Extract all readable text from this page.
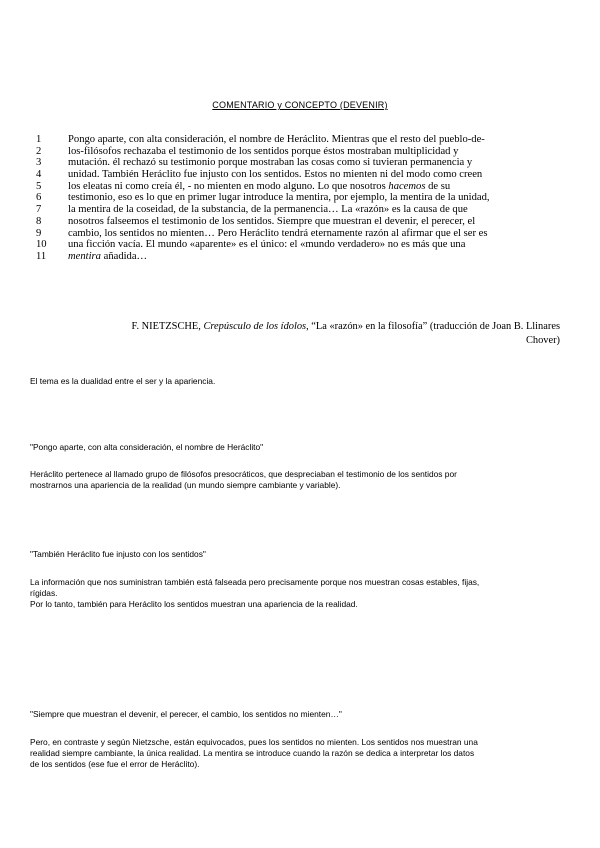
COMENTARIO y CONCEPTO (DEVENIR)
1	Pongo aparte, con alta consideración, el nombre de Heráclito. Mientras que el resto del pueblo-de-
2	los-filósofos rechazaba el testimonio de los sentidos porque éstos mostraban multiplicidad y
3	mutación. él rechazó su testimonio porque mostraban las cosas como si tuvieran permanencia y
4	unidad. También Heráclito fue injusto con los sentidos. Estos no mienten ni del modo como creen
5	los eleatas ni como creía él, - no mienten en modo alguno. Lo que nosotros hacemos de su
6	testimonio, eso es lo que en primer lugar introduce la mentira, por ejemplo, la mentira de la unidad,
7	la mentira de la coseidad, de la substancia, de la permanencia… La «razón» es la causa de que
8	nosotros falseemos el testimonio de los sentidos. Siempre que muestran el devenir, el perecer, el
9	cambio, los sentidos no mienten… Pero Heráclito tendrá eternamente razón al afirmar que el ser es
10	una ficción vacía. El mundo «aparente» es el único: el «mundo verdadero» no es más que una
11	mentira añadida…
F. NIETZSCHE, Crepúsculo de los ídolos, “La «razón» en la filosofía” (traducción de Joan B. Llinares
Chover)

El tema es la dualidad entre el ser y la apariencia.

"Pongo aparte, con alta consideración, el nombre de Heráclito"

Heráclito pertenece al llamado grupo de filósofos presocráticos, que despreciaban el testimonio de los sentidos por
mostrarnos una apariencia de la realidad (un mundo siempre cambiante y variable).

"También Heráclito fue injusto con los sentidos"

La información que nos suministran también está falseada pero precisamente porque nos muestran cosas estables, fijas,
rígidas.
Por lo tanto, también para Heráclito los sentidos muestran una apariencia de la realidad.

"Siempre que muestran el devenir, el perecer, el cambio, los sentidos no mienten…"

Pero, en contraste y según Nietzsche, están equivocados, pues los sentidos no mienten. Los sentidos nos muestran una
realidad siempre cambiante, la única realidad. La mentira se introduce cuando la razón se dedica a interpretar los datos
de los sentidos (ese fue el error de Heráclito).
